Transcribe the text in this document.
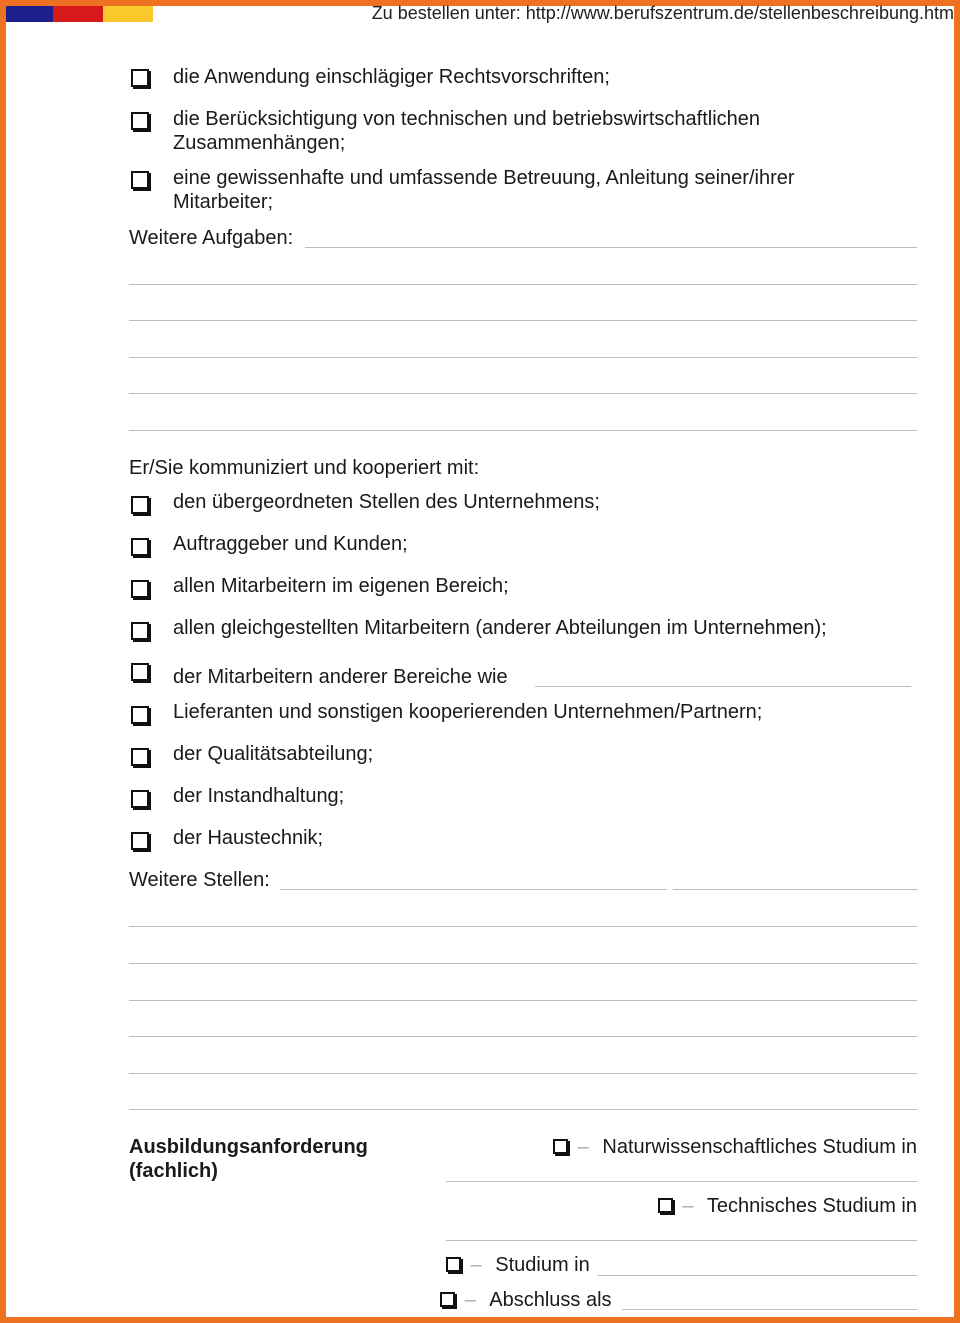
Zu bestellen unter: http://www.berufszentrum.de/stellenbeschreibung.htm
die Anwendung einschlägiger Rechtsvorschriften;
die Berücksichtigung von technischen und betriebswirtschaftlichen
Zusammenhängen;
eine gewissenhafte und umfassende Betreuung, Anleitung seiner/ihrer
Mitarbeiter;
Weitere Aufgaben:
Er/Sie kommuniziert und kooperiert mit:
den übergeordneten Stellen des Unternehmens;
Auftraggeber und Kunden;
allen Mitarbeitern im eigenen Bereich;
allen gleichgestellten Mitarbeitern (anderer Abteilungen im Unternehmen);
der Mitarbeitern anderer Bereiche wie
Lieferanten und sonstigen kooperierenden Unternehmen/Partnern;
der Qualitätsabteilung;
der Instandhaltung;
der Haustechnik;
Weitere Stellen:
Ausbildungsanforderung
(fachlich)
– Naturwissenschaftliches Studium in
– Technisches Studium in
– Studium in
– Abschluss als
